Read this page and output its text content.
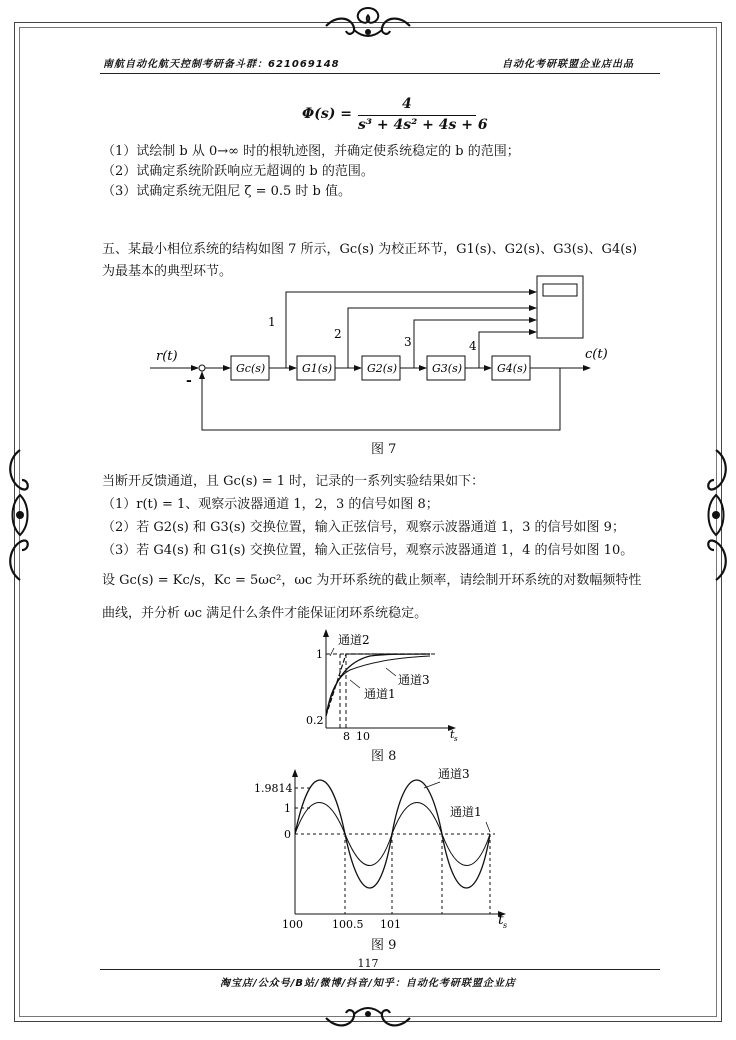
南航自动化航天控制考研备斗群：621069148	自动化考研联盟企业店出品
Φ(s) =
4
s³ + 4s² + 4s + 6
（1）试绘制 b 从 0→∞ 时的根轨迹图，并确定使系统稳定的 b 的范围；
（2）试确定系统阶跃响应无超调的 b 的范围。
（3）试确定系统无阻尼 ζ = 0.5 时 b 值。
五、某最小相位系统的结构如图 7 所示，Gc(s) 为校正环节，G1(s)、G2(s)、G3(s)、G4(s)
为最基本的典型环节。
r(t)	c(t)
-
Gc(s)	G1(s)	G2(s)	G3(s)	G4(s)
1
2
3	4
图 7
当断开反馈通道，且 Gc(s) = 1 时，记录的一系列实验结果如下：
（1）r(t) = 1、观察示波器通道 1，2，3 的信号如图 8；
（2）若 G2(s) 和 G3(s) 交换位置，输入正弦信号，观察示波器通道 1，3 的信号如图 9；
（3）若 G4(s) 和 G1(s) 交换位置，输入正弦信号，观察示波器通道 1，4 的信号如图 10。
设 Gc(s) = Kc/s，Kc = 5ωc²，ωc 为开环系统的截止频率，请绘制开环系统的对数幅频特性
曲线，并分析 ωc 满足什么条件才能保证闭环系统稳定。
1
0.2
8 10	t s
通道2
通道3
通道1
图 8
1.9814
1
0
100	100.5 101	t s
通道3
通道1
图 9
117
淘宝店/公众号/B站/微博/抖音/知乎：自动化考研联盟企业店
